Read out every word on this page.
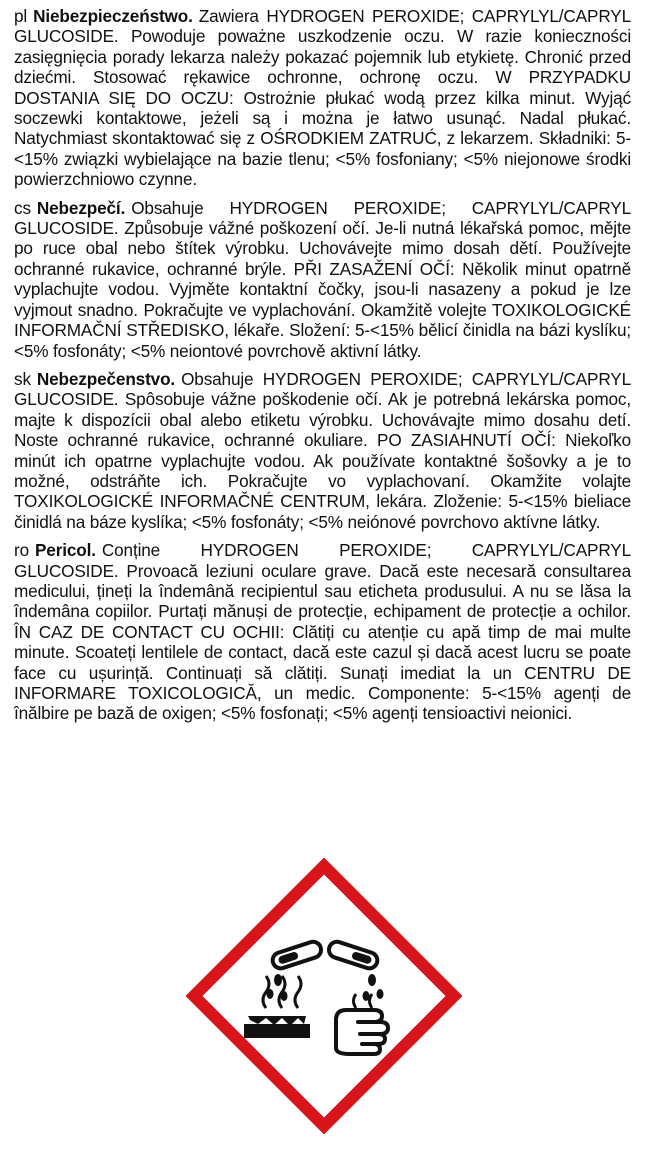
pl Niebezpieczeństwo. Zawiera HYDROGEN PEROXIDE; CAPRYLYL/CAPRYL GLUCOSIDE. Powoduje poważne uszkodzenie oczu. W razie konieczności zasięgnięcia porady lekarza należy pokazać pojemnik lub etykietę. Chronić przed dziećmi. Stosować rękawice ochronne, ochronę oczu. W PRZYPADKU DOSTANIA SIĘ DO OCZU: Ostrożnie płukać wodą przez kilka minut. Wyjąć soczewki kontaktowe, jeżeli są i można je łatwo usunąć. Nadal płukać. Natychmiast skontaktować się z OŚRODKIEM ZATRUĆ, z lekarzem. Składniki: 5-<15% związki wybielające na bazie tlenu; <5% fosfoniany; <5% niejonowe środki powierzchniowo czynne.

cs Nebezpečí. Obsahuje HYDROGEN PEROXIDE; CAPRYLYL/CAPRYL GLUCOSIDE. Způsobuje vážné poškození očí. Je-li nutná lékařská pomoc, mějte po ruce obal nebo štítek výrobku. Uchovávejte mimo dosah dětí. Používejte ochranné rukavice, ochranné brýle. PŘI ZASAŽENÍ OČÍ: Několik minut opatrně vyplachujte vodou. Vyjměte kontaktní čočky, jsou-li nasazeny a pokud je lze vyjmout snadno. Pokračujte ve vyplachování. Okamžitě volejte TOXIKOLOGICKÉ INFORMAČNÍ STŘEDISKO, lékaře. Složení: 5-<15% bělicí činidla na bázi kyslíku; <5% fosfonáty; <5% neiontové povrchově aktivní látky.

sk Nebezpečenstvo. Obsahuje HYDROGEN PEROXIDE; CAPRYLYL/CAPRYL GLUCOSIDE. Spôsobuje vážne poškodenie očí. Ak je potrebná lekárska pomoc, majte k dispozícii obal alebo etiketu výrobku. Uchovávajte mimo dosahu detí. Noste ochranné rukavice, ochranné okuliare. PO ZASIAHNUTÍ OČÍ: Niekoľko minút ich opatrne vyplachujte vodou. Ak používate kontaktné šošovky a je to možné, odstráňte ich. Pokračujte vo vyplachovaní. Okamžite volajte TOXIKOLOGICKÉ INFORMAČNÉ CENTRUM, lekára. Zloženie: 5-<15% bieliace činidlá na báze kyslíka; <5% fosfonáty; <5% neiónové povrchovo aktívne látky.

ro Pericol. Conține HYDROGEN PEROXIDE; CAPRYLYL/CAPRYL GLUCOSIDE. Provoacă leziuni oculare grave. Dacă este necesară consultarea medicului, țineți la îndemână recipientul sau eticheta produsului. A nu se lăsa la îndemâna copiilor. Purtați mănuși de protecție, echipament de protecție a ochilor. ÎN CAZ DE CONTACT CU OCHII: Clătiți cu atenție cu apă timp de mai multe minute. Scoateți lentilele de contact, dacă este cazul și dacă acest lucru se poate face cu ușurință. Continuați să clătiți. Sunați imediat la un CENTRU DE INFORMARE TOXICOLOGICĂ, un medic. Componente: 5-<15% agenți de înălbire pe bază de oxigen; <5% fosfonați; <5% agenți tensioactivi neionici.
